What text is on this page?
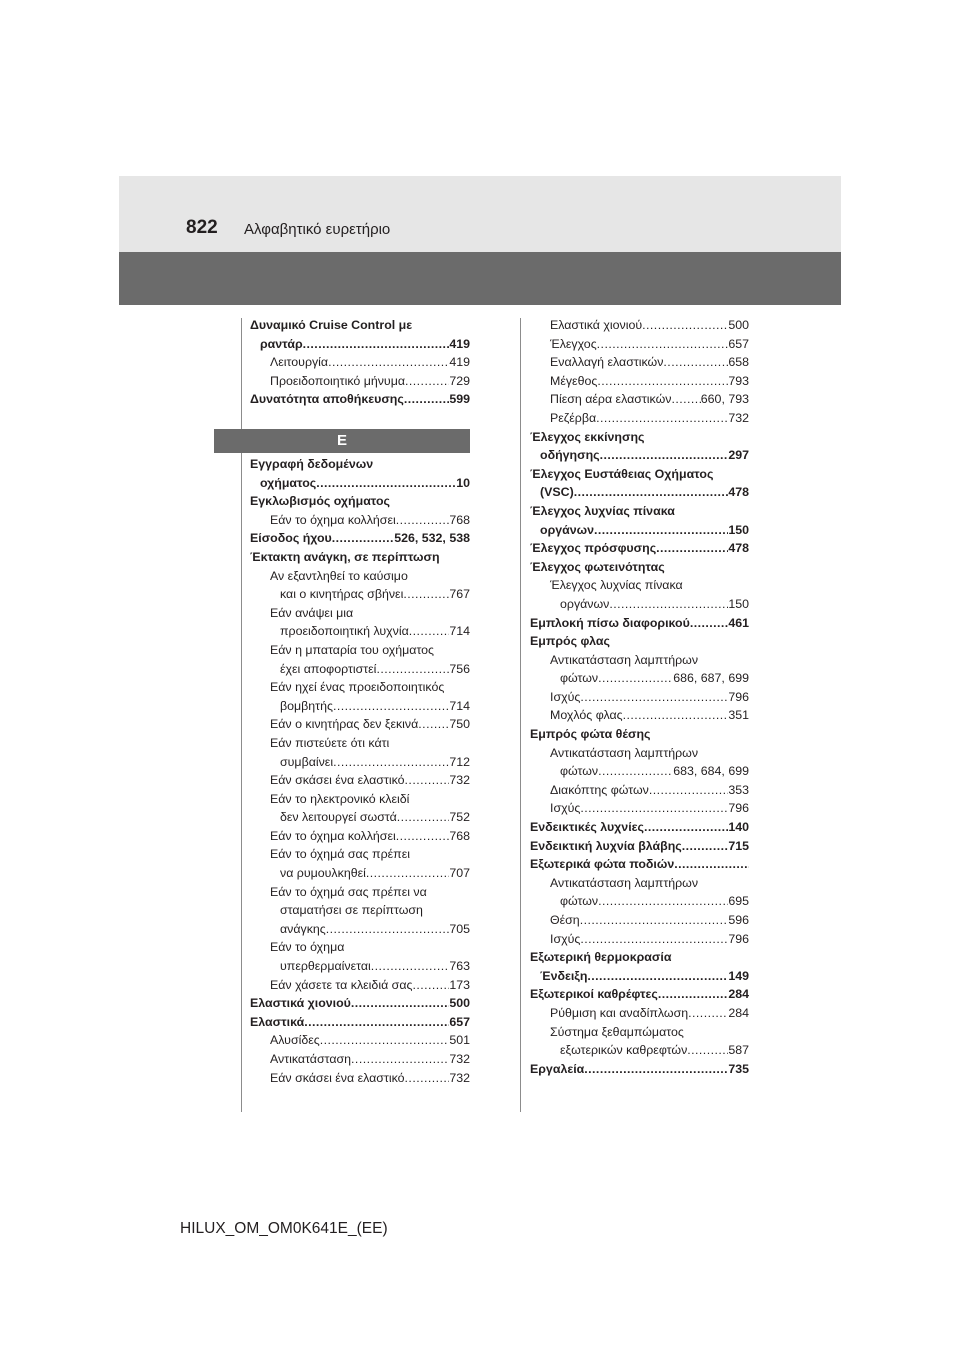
822 Αλφαβητικό ευρετήριο
Δυναμικό Cruise Control με
ραντάρ . . .	419
Λειτουργία . . .	419
Προειδοποιητικό μήνυμα . . .	729
Δυνατότητα αποθήκευσης . . .	599
Ε
Εγγραφή δεδομένων
οχήματος . . .	10
Εγκλωβισμός οχήματος
Εάν το όχημα κολλήσει . . .	768
Είσοδος ήχου . . .	526, 532, 538
Έκτακτη ανάγκη, σε περίπτωση
Αν εξαντληθεί το καύσιμο
και ο κινητήρας σβήνει . . .	767
Εάν ανάψει μια
προειδοποιητική λυχνία . . .	714
Εάν η μπαταρία του οχήματος
έχει αποφορτιστεί . . .	756
Εάν ηχεί ένας προειδοποιητικός
βομβητής . . .	714
Εάν ο κινητήρας δεν ξεκινά . . .	750
Εάν πιστεύετε ότι κάτι
συμβαίνει . . .	712
Εάν σκάσει ένα ελαστικό . . .	732
Εάν το ηλεκτρονικό κλειδί
δεν λειτουργεί σωστά . . .	752
Εάν το όχημα κολλήσει . . .	768
Εάν το όχημά σας πρέπει
να ρυμουλκηθεί . . .	707
Εάν το όχημά σας πρέπει να
σταματήσει σε περίπτωση
ανάγκης . . .	705
Εάν το όχημα
υπερθερμαίνεται . . .	763
Εάν χάσετε τα κλειδιά σας . . .	173
Ελαστικά χιονιού . . .	500
Ελαστικά . . .	657
Αλυσίδες . . .	501
Αντικατάσταση . . .	732
Εάν σκάσει ένα ελαστικό . . .	732
Ελαστικά χιονιού . . .	500
Έλεγχος . . .	657
Εναλλαγή ελαστικών . . .	658
Μέγεθος . . .	793
Πίεση αέρα ελαστικών . . . 660, 793
Ρεζέρβα . . .	732
Έλεγχος εκκίνησης
οδήγησης . . .	297
Έλεγχος Ευστάθειας Οχήματος
(VSC) . . .	478
Έλεγχος λυχνίας πίνακα
οργάνων . . .	150
Έλεγχος πρόσφυσης . . .	478
Έλεγχος φωτεινότητας
Έλεγχος λυχνίας πίνακα
οργάνων . . .	150
Εμπλοκή πίσω διαφορικού . . .	461
Εμπρός φλας
Αντικατάσταση λαμπτήρων
φώτων . . .	686, 687, 699
Ισχύς . . .	796
Μοχλός φλας . . .	351
Εμπρός φώτα θέσης
Αντικατάσταση λαμπτήρων
φώτων . . .	683, 684, 699
Διακόπτης φώτων . . .	353
Ισχύς . . .	796
Ενδεικτικές λυχνίες . . .	140
Ενδεικτική λυχνία βλάβης . . .	715
Εξωτερικά φώτα ποδιών
. . .
Αντικατάσταση λαμπτήρων
φώτων . . .	695
Θέση . . .	596
Ισχύς . . .	796
Εξωτερική θερμοκρασία
Ένδειξη . . .	149
Εξωτερικοί καθρέφτες . . .	284
Ρύθμιση και αναδίπλωση . . .	284
Σύστημα ξεθαμπώματος
εξωτερικών καθρεφτών . . .	587
Εργαλεία . . .	735
HILUX_OM_OM0K641E_(EE)
